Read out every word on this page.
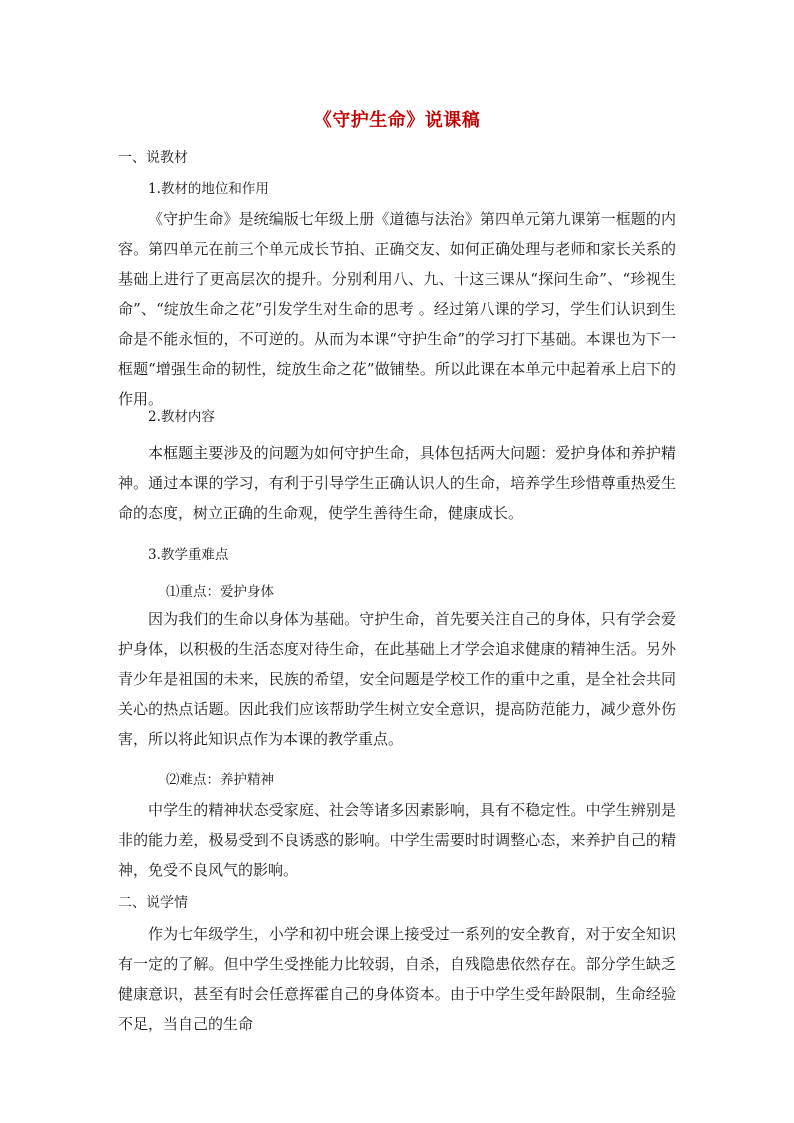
《守护生命》说课稿
一、说教材
1.教材的地位和作用
《守护生命》是统编版七年级上册《道德与法治》第四单元第九课第一框题的内容。第四单元在前三个单元成长节拍、正确交友、如何正确处理与老师和家长关系的基础上进行了更高层次的提升。分别利用八、九、十这三课从“探问生命”、“珍视生命”、“绽放生命之花”引发学生对生命的思考 。经过第八课的学习，学生们认识到生命是不能永恒的，不可逆的。从而为本课“守护生命”的学习打下基础。本课也为下一框题“增强生命的韧性，绽放生命之花”做铺垫。所以此课在本单元中起着承上启下的作用。
2.教材内容
本框题主要涉及的问题为如何守护生命，具体包括两大问题：爱护身体和养护精神。通过本课的学习，有利于引导学生正确认识人的生命，培养学生珍惜尊重热爱生命的态度，树立正确的生命观，使学生善待生命，健康成长。
3.教学重难点
⑴重点：爱护身体
因为我们的生命以身体为基础。守护生命，首先要关注自己的身体，只有学会爱护身体，以积极的生活态度对待生命，在此基础上才学会追求健康的精神生活。另外青少年是祖国的未来，民族的希望，安全问题是学校工作的重中之重，是全社会共同关心的热点话题。因此我们应该帮助学生树立安全意识，提高防范能力，减少意外伤害，所以将此知识点作为本课的教学重点。
⑵难点：养护精神
中学生的精神状态受家庭、社会等诸多因素影响，具有不稳定性。中学生辨别是非的能力差，极易受到不良诱惑的影响。中学生需要时时调整心态，来养护自己的精神，免受不良风气的影响。
二、说学情
作为七年级学生，小学和初中班会课上接受过一系列的安全教育，对于安全知识有一定的了解。但中学生受挫能力比较弱，自杀，自残隐患依然存在。部分学生缺乏健康意识，甚至有时会任意挥霍自己的身体资本。由于中学生受年龄限制，生命经验不足，当自己的生命
